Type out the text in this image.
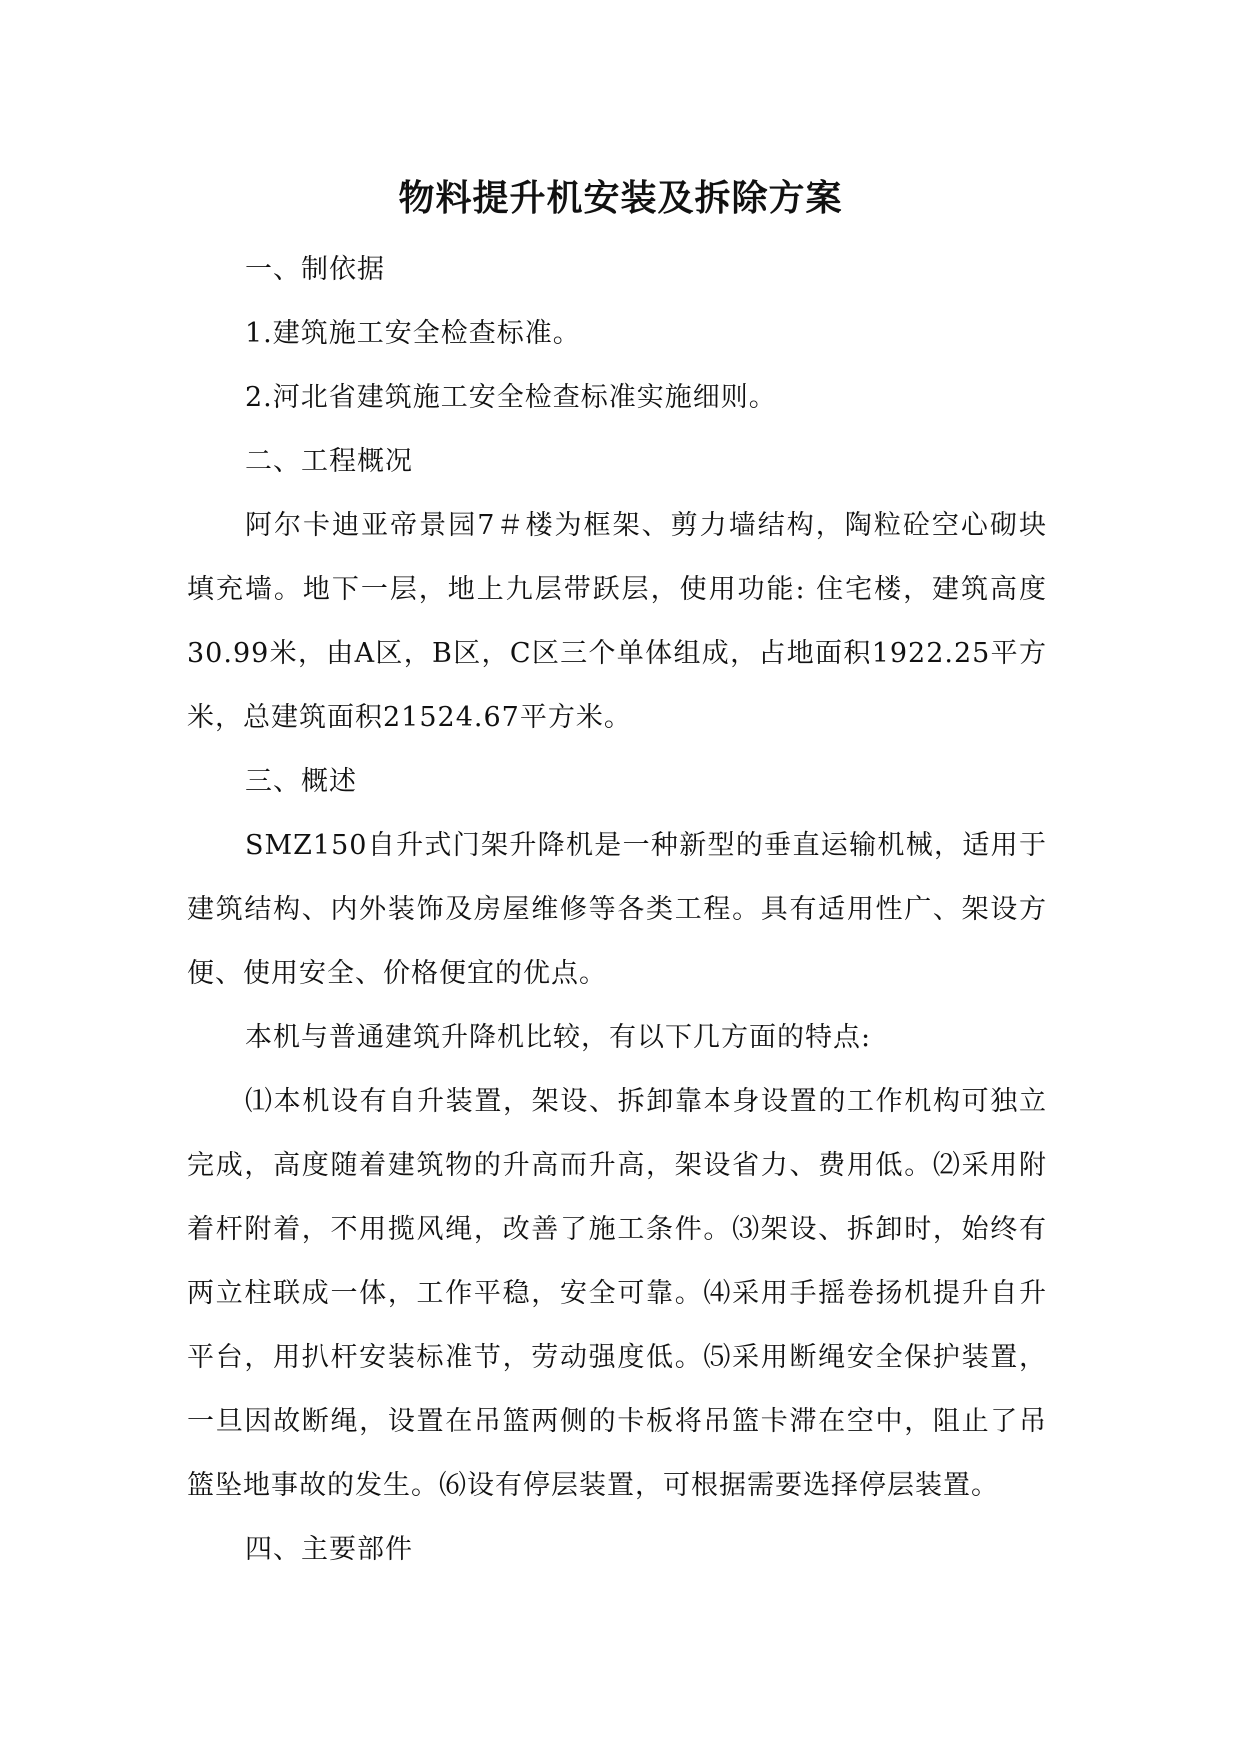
物料提升机安装及拆除方案

一、制依据

1.建筑施工安全检查标准。

2.河北省建筑施工安全检查标准实施细则。

二、工程概况

阿尔卡迪亚帝景园7＃楼为框架、剪力墙结构，陶粒砼空心砌块填充墙。地下一层，地上九层带跃层，使用功能: 住宅楼，建筑高度30.99米，由A区，B区，C区三个单体组成，占地面积1922.25平方米，总建筑面积21524.67平方米。

三、概述

SMZ150自升式门架升降机是一种新型的垂直运输机械，适用于建筑结构、内外装饰及房屋维修等各类工程。具有适用性广、架设方便、使用安全、价格便宜的优点。

本机与普通建筑升降机比较，有以下几方面的特点:

⑴本机设有自升装置，架设、拆卸靠本身设置的工作机构可独立完成，高度随着建筑物的升高而升高，架设省力、费用低。⑵采用附着杆附着，不用揽风绳，改善了施工条件。⑶架设、拆卸时，始终有两立柱联成一体，工作平稳，安全可靠。⑷采用手摇卷扬机提升自升平台，用扒杆安装标准节，劳动强度低。⑸采用断绳安全保护装置，一旦因故断绳，设置在吊篮两侧的卡板将吊篮卡滞在空中，阻止了吊篮坠地事故的发生。⑹设有停层装置，可根据需要选择停层装置。

四、主要部件
